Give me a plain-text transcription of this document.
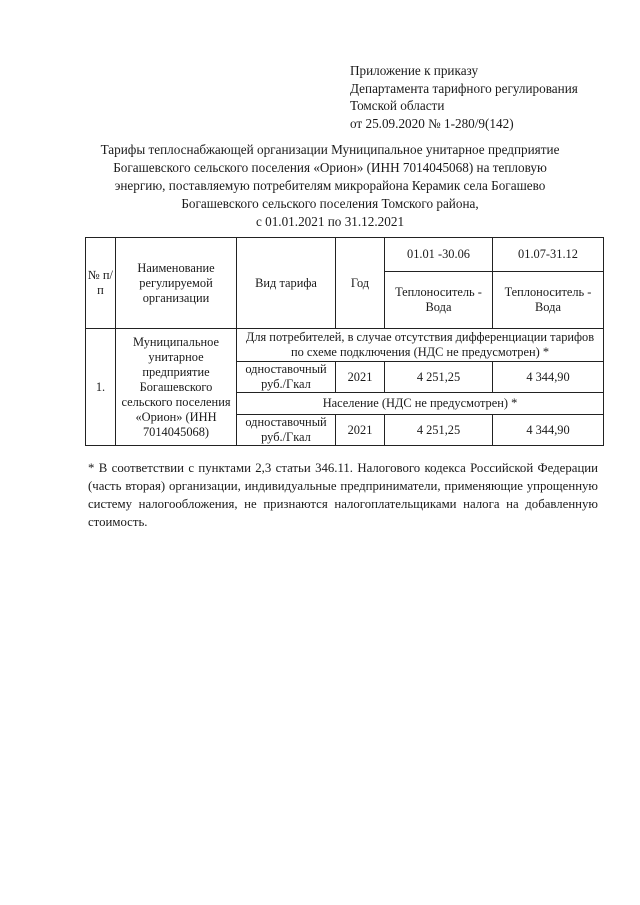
Приложение к приказу
Департамента тарифного регулирования
Томской области
от 25.09.2020 № 1-280/9(142)
Тарифы теплоснабжающей организации Муниципальное унитарное предприятие
Богашевского сельского поселения «Орион» (ИНН 7014045068) на тепловую
энергию, поставляемую потребителям микрорайона Керамик села Богашево
Богашевского сельского поселения Томского района,
с 01.01.2021 по 31.12.2021
№ п/п	Наименование регулируемой организации	Вид тарифа	Год	01.01 -30.06	01.07-31.12
				Теплоноситель - Вода	Теплоноситель - Вода
1.	Муниципальное унитарное предприятие Богашевского сельского поселения «Орион» (ИНН 7014045068)	Для потребителей, в случае отсутствия дифференциации тарифов по схеме подключения (НДС не предусмотрен) *			
		одноставочный руб./Гкал	2021	4 251,25	4 344,90
		Население (НДС не предусмотрен) *			
		одноставочный руб./Гкал	2021	4 251,25	4 344,90
* В соответствии с пунктами 2,3 статьи 346.11. Налогового кодекса Российской Федерации (часть вторая) организации, индивидуальные предприниматели, применяющие упрощенную систему налогообложения, не признаются налогоплательщиками налога на добавленную стоимость.
